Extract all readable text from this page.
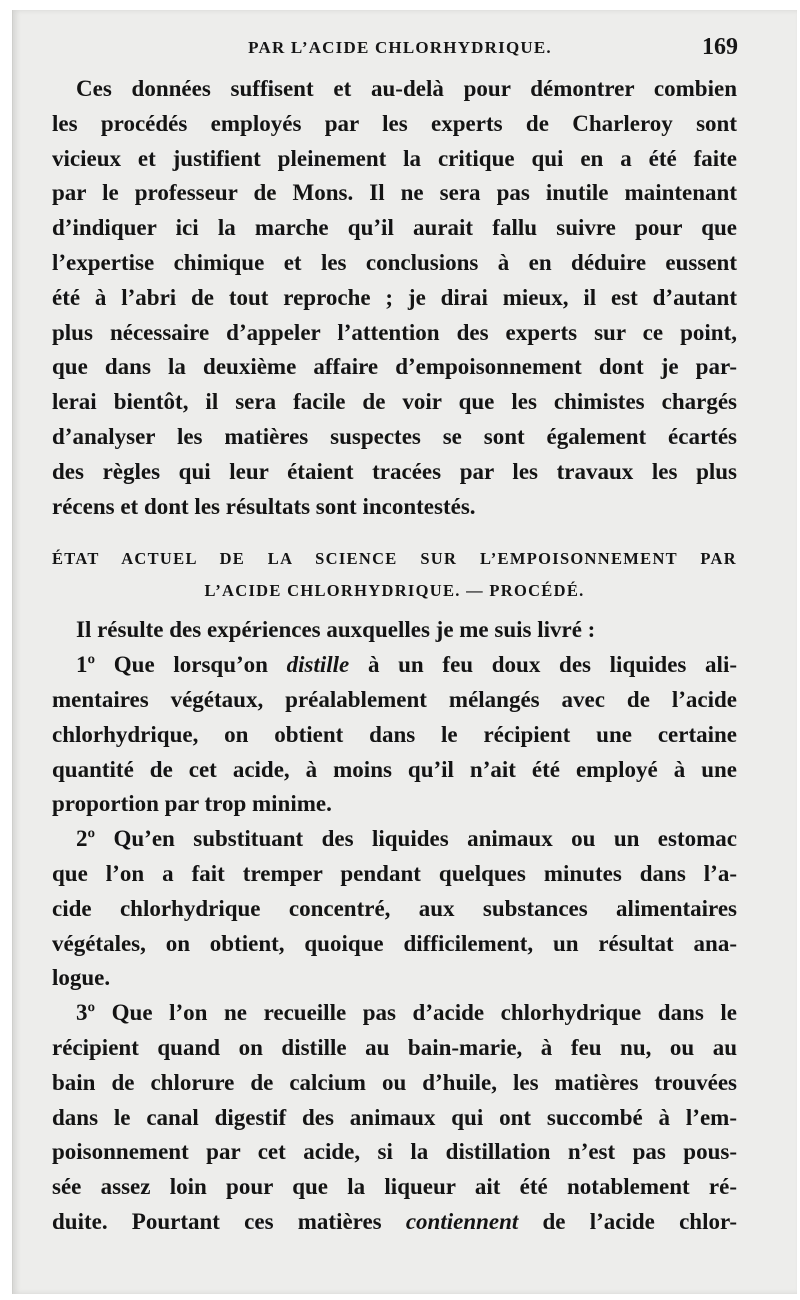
PAR L’ACIDE CHLORHYDRIQUE.	169
Ces données suffisent et au-delà pour démontrer combien
les procédés employés par les experts de Charleroy sont
vicieux et justifient pleinement la critique qui en a été faite
par le professeur de Mons. Il ne sera pas inutile maintenant
d’indiquer ici la marche qu’il aurait fallu suivre pour que
l’expertise chimique et les conclusions à en déduire eussent
été à l’abri de tout reproche ; je dirai mieux, il est d’autant
plus nécessaire d’appeler l’attention des experts sur ce point,
que dans la deuxième affaire d’empoisonnement dont je par-
lerai bientôt, il sera facile de voir que les chimistes chargés
d’analyser les matières suspectes se sont également écartés
des règles qui leur étaient tracées par les travaux les plus
récens et dont les résultats sont incontestés.
ÉTAT ACTUEL DE LA SCIENCE SUR L’EMPOISONNEMENT PAR
L’ACIDE CHLORHYDRIQUE. — PROCÉDÉ.
Il résulte des expériences auxquelles je me suis livré :
1º Que lorsqu’on distille à un feu doux des liquides ali-
mentaires végétaux, préalablement mélangés avec de l’acide
chlorhydrique, on obtient dans le récipient une certaine
quantité de cet acide, à moins qu’il n’ait été employé à une
proportion par trop minime.
2º Qu’en substituant des liquides animaux ou un estomac
que l’on a fait tremper pendant quelques minutes dans l’a-
cide chlorhydrique concentré, aux substances alimentaires
végétales, on obtient, quoique difficilement, un résultat ana-
logue.
3º Que l’on ne recueille pas d’acide chlorhydrique dans le
récipient quand on distille au bain-marie, à feu nu, ou au
bain de chlorure de calcium ou d’huile, les matières trouvées
dans le canal digestif des animaux qui ont succombé à l’em-
poisonnement par cet acide, si la distillation n’est pas pous-
sée assez loin pour que la liqueur ait été notablement ré-
duite. Pourtant ces matières contiennent de l’acide chlor-
